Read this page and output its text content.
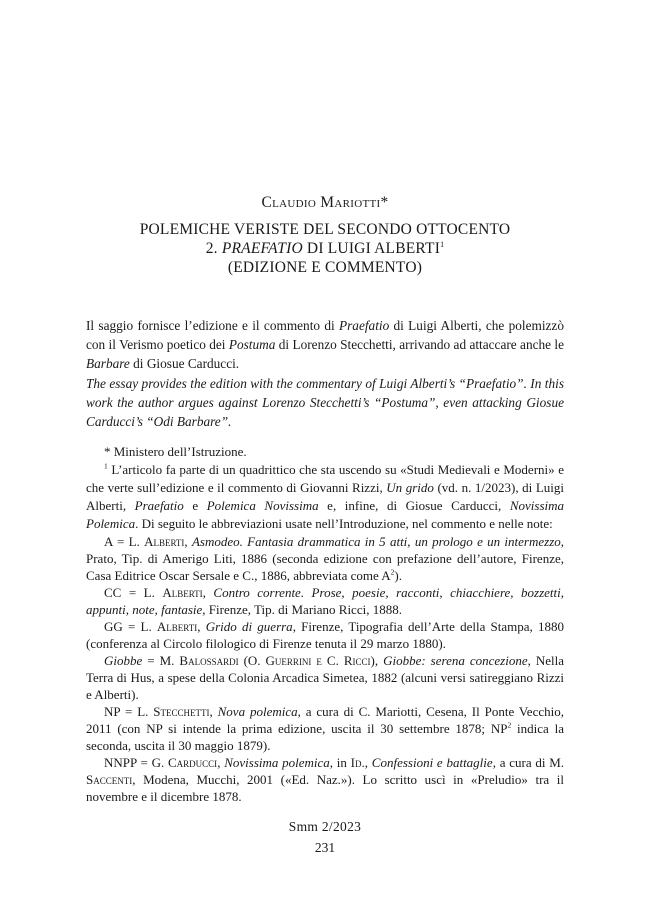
Claudio Mariotti*
POLEMICHE VERISTE DEL SECONDO OTTOCENTO
2. PRAEFATIO DI LUIGI ALBERTI$^1$
(EDIZIONE E COMMENTO)
Il saggio fornisce l’edizione e il commento di Praefatio di Luigi Alberti, che polemizzò con il Verismo poetico dei Postuma di Lorenzo Stecchetti, arrivando ad attaccare anche le Barbare di Giosue Carducci.
The essay provides the edition with the commentary of Luigi Alberti’s “Praefatio”. In this work the author argues against Lorenzo Stecchetti’s “Postuma”, even attacking Giosue Carducci’s “Odi Barbare”.

* Ministero dell’Istruzione.

$^1$ L’articolo fa parte di un quadrittico che sta uscendo su «Studi Medievali e Moderni» e che verte sull’edizione e il commento di Giovanni Rizzi, Un grido (vd. n. 1/2023), di Luigi Alberti, Praefatio e Polemica Novissima e, infine, di Giosue Carducci, Novissima Polemica. Di seguito le abbreviazioni usate nell’Introduzione, nel commento e nelle note:

A = L. Alberti, Asmodeo. Fantasia drammatica in 5 atti, un prologo e un intermezzo, Prato, Tip. di Amerigo Liti, 1886 (seconda edizione con prefazione dell’autore, Firenze, Casa Editrice Oscar Sersale e C., 1886, abbreviata come $A^2$).

CC = L. Alberti, Contro corrente. Prose, poesie, racconti, chiacchiere, bozzetti, appunti, note, fantasie, Firenze, Tip. di Mariano Ricci, 1888.

GG = L. Alberti, Grido di guerra, Firenze, Tipografia dell’Arte della Stampa, 1880 (conferenza al Circolo filologico di Firenze tenuta il 29 marzo 1880).

Giobbe = M. Balossardi (O. Guerrini e C. Ricci), Giobbe: serena concezione, Nella Terra di Hus, a spese della Colonia Arcadica Simetea, 1882 (alcuni versi satireggiano Rizzi e Alberti).

NP = L. Stecchetti, Nova polemica, a cura di C. Mariotti, Cesena, Il Ponte Vecchio, 2011 (con NP si intende la prima edizione, uscita il 30 settembre 1878; $NP^2$ indica la seconda, uscita il 30 maggio 1879).

NNPP = G. Carducci, Novissima polemica, in Id., Confessioni e battaglie, a cura di M. Saccenti, Modena, Mucchi, 2001 («Ed. Naz.»). Lo scritto uscì in «Preludio» tra il novembre e il dicembre 1878.

Smm 2/2023
231
